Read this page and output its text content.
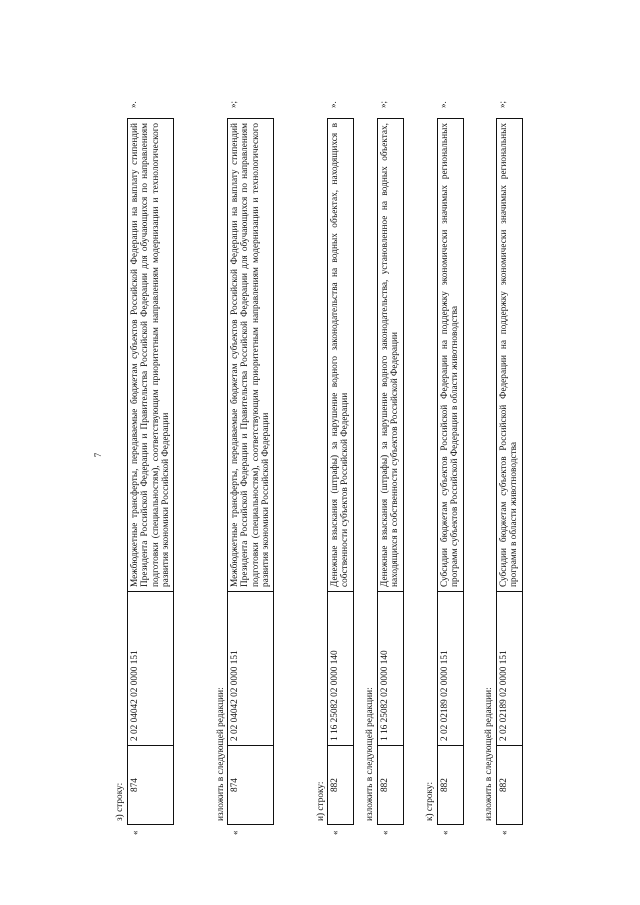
7
з) строку:
«
874	2 02 04042 02 0000 151	Межбюджетные трансферты, передаваемые бюджетам субъектов Российской Федерации на выплату стипендий Президента Российской Федерации и Правительства Российской Федерации для обучающихся по направлениям подготовки (специальностям), соответствующим приоритетным направлениям модернизации и технологического развития экономики Российской Федерации
».
изложить в следующей редакции:
«
874	2 02 04042 02 0000 151	Межбюджетные трансферты, передаваемые бюджетам субъектов Российской Федерации на выплату стипендий Президента Российской Федерации и Правительства Российской Федерации для обучающихся по направлениям подготовки (специальностям), соответствующим приоритетным направлениям модернизации и технологического развития экономики Российской Федерации
»;
и) строку:
«
882	1 16 25082 02 0000 140	Денежные взыскания (штрафы) за нарушение водного законодательства на водных объектах, находящихся в собственности субъектов Российской Федерации
».
изложить в следующей редакции:
«
882	1 16 25082 02 0000 140	Денежные взыскания (штрафы) за нарушение водного законодательства, установленное на водных объектах, находящихся в собственности субъектов Российской Федерации
»;
к) строку:
«
882	2 02 02189 02 0000 151	Субсидии бюджетам субъектов Российской Федерации на поддержку экономически значимых региональных программ субъектов Российской Федерации в области животноводства
».
изложить в следующей редакции:
«
882	2 02 02189 02 0000 151	Субсидии бюджетам субъектов Российской Федерации на поддержку экономически значимых региональных программ в области животноводства
»;
